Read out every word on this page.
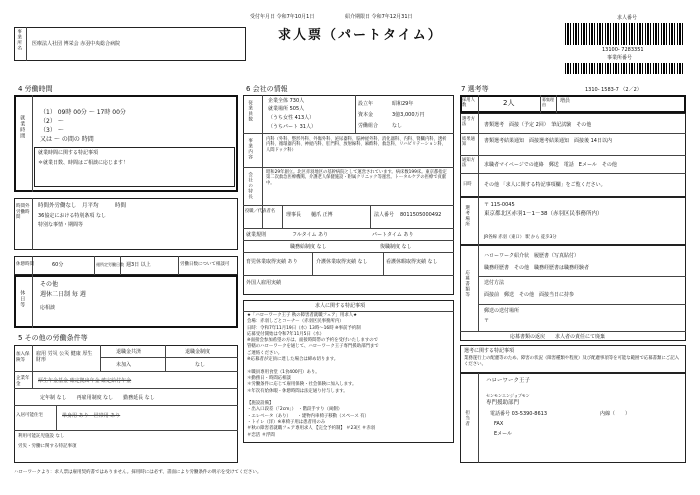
受付年月日 令和7年10月1日	紹介期限日 令和7年12月31日
求人票（パートタイム）
事業所名 医療法人社団 博栄会 赤羽中央総合病院
求人番号
13100- 7283351
事業所番号
1310- 1583-7 （2／2）
4 労働時間
就業時間
（1） 09時 00分 〜 17時 00分
（2） 〜
（3） 〜
又は 〜 の間の 時間
就業時間に関する特記事項
＊就業日数、時間はご相談に応じます！
時間外労働時間
時間外労働なし　月平均　　　時間
36協定における特別条項 なし
特別な事情・期間等
休憩時間	60分	週所定労働日数 週3日 以上	労働日数について相談可
休日等
その他
週休二日制 毎 週
応相談
5 その他の労働条件等
加入保険等
雇用 労災 公災 健康 厚生 財形
退職金共済
未加入
退職金制度
なし
企業年金
厚生年金基金 確定拠出年金 確定給付年金
定年制 なし　　再雇用制度 なし　　勤務延長 なし
入居可能住宅	単身用 あり　世帯用 あり
利用可能託児施設 なし
労災・労働に関する特記事項
6 会社の情報
従業員数	企業全体 730人
就業場所 505人
（うち女性 413人）
（うちパート 31人）
設立年	昭和29年
資本金	3億3,000万円
労働組合	なし
事業内容	内科（外科、整形外科、外傷外科、泌尿器科、脳神経外科、消化器科、内科、腎臓内科、透析内科、循環器内科、神経内科、肛門科、放射線科、麻酔科、救急科、リハビリテーション科、人間ドック科）
会社の特長	昭和29年創立。北区赤羽地区の基幹病院として運営されています。病床数199床。東京都指定第二次救急医療機関。介護老人保健施設・附属クリニック等運営。トータルケアの医療で貢献中。
役職／代表者名
理事長　　樋爪 正博	法人番号 8011505000492
就業規則	フルタイム あり	パートタイム あり
職務給制度 なし	復職制度 なし
育児休業取得実績 あり	介護休業取得実績 なし	看護休暇取得実績 なし
外国人雇用実績
求人に関する特記事項
★「ハローワーク王子 秋の障害者就職フェア」用求人★
会場：赤羽しごとコーナー（赤羽区民事務所内）
日時：令和7年11月19日（水）13時〜16時 ※事前予約制
応募受付開始は令和7年11月5日（水）
※面接会参加希望の方は、面接時間帯の予約を受付いたしますので
管轄のハローワークを通じて、ハローワーク王子専門援助部門まで
ご連絡ください。
※応募者が定員に達した場合は締め切ります。

＊職員専用食堂（1食400円）あり。
＊勤務日・時間応相談
＊労働条件に応じて雇用保険・社会保険に加入します。
＊年次有給休暇・休憩時間は法定通り付与します。

【施設設備】
・出入口段差（「2cm」）　・階段手すり（両側）
・エレベータ（あり）　　・建物内車椅子移動（スペース 有）
・トイレ（洋）※車椅子用は患者用のみ
＃秋の障害者就職フェア専用求人 【完全予約制】 ＃23区 ＃赤羽
＃恋活 ＃浮間
7 選考等
採用人数	2人	募集理由
増員
選考方法	書類選考　面接（予定 2回）　筆記試験　その他
結果通知
書類選考結果通知　面接選考結果通知　面接後 14日以内
通知方法	求職者マイページでの連絡　郵送　電話　Eメール　その他
日時 その他 「求人に関する特記事項欄」をご覧ください。
選考場所	〒 115-0045
東京都北区赤羽1－1－38（赤羽区民事務所内）
JR各線 赤羽（東口） 駅 から 徒歩3分
応募書類等
ハローワーク紹介状　履歴書（写真貼付）
職務経歴書　その他　職務経歴書は職務経験者
送付方法
面接前　郵送　その他　面接当日に持参
郵送の送付場所
〒
応募書類の返戻　　求人者の責任にて廃棄
選考に関する特記事項
業務遂行上の配慮等のため、障害の状況（障害種類や程度）及び配慮事項等を可能な範囲で応募書類にご記入ください。
担当者
ハローワーク王子
センモンエンジョブモン
専門援助部門
電話番号 03-5390-8613	内線（　　）
FAX
Eメール
ハローワークより：求人票は雇用契約書ではありません。採用時には必ず、書面により労働条件の明示を受けてください。
